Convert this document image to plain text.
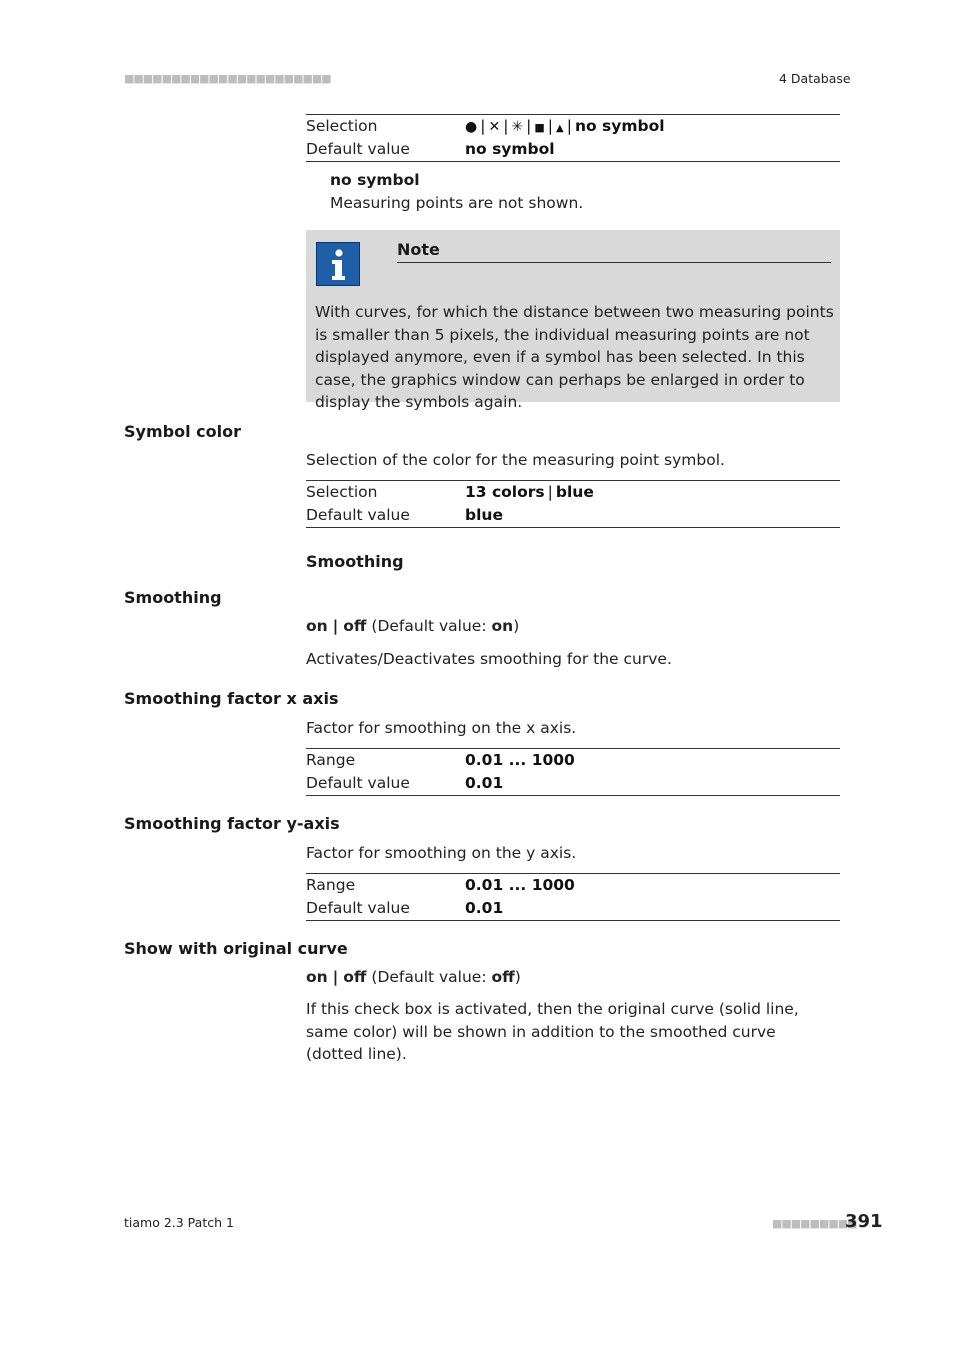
■■■■■■■■■■■■■■■■■■■■■■	4 Database
Selection	● | ✕ | ✳ | ■ | ▲ | no symbol
Default value	no symbol
no symbol
Measuring points are not shown.
Note
With curves, for which the distance between two measuring points is smaller than 5 pixels, the individual measuring points are not displayed anymore, even if a symbol has been selected. In this case, the graphics window can perhaps be enlarged in order to display the symbols again.
Symbol color
Selection of the color for the measuring point symbol.
Selection	13 colors | blue
Default value	blue
Smoothing
Smoothing
on | off (Default value: on)
Activates/Deactivates smoothing for the curve.
Smoothing factor x axis
Factor for smoothing on the x axis.
Range	0.01 ... 1000
Default value	0.01
Smoothing factor y-axis
Factor for smoothing on the y axis.
Range	0.01 ... 1000
Default value	0.01
Show with original curve
on | off (Default value: off)
If this check box is activated, then the original curve (solid line, same color) will be shown in addition to the smoothed curve (dotted line).
tiamo 2.3 Patch 1	■■■■■■■■■
391
